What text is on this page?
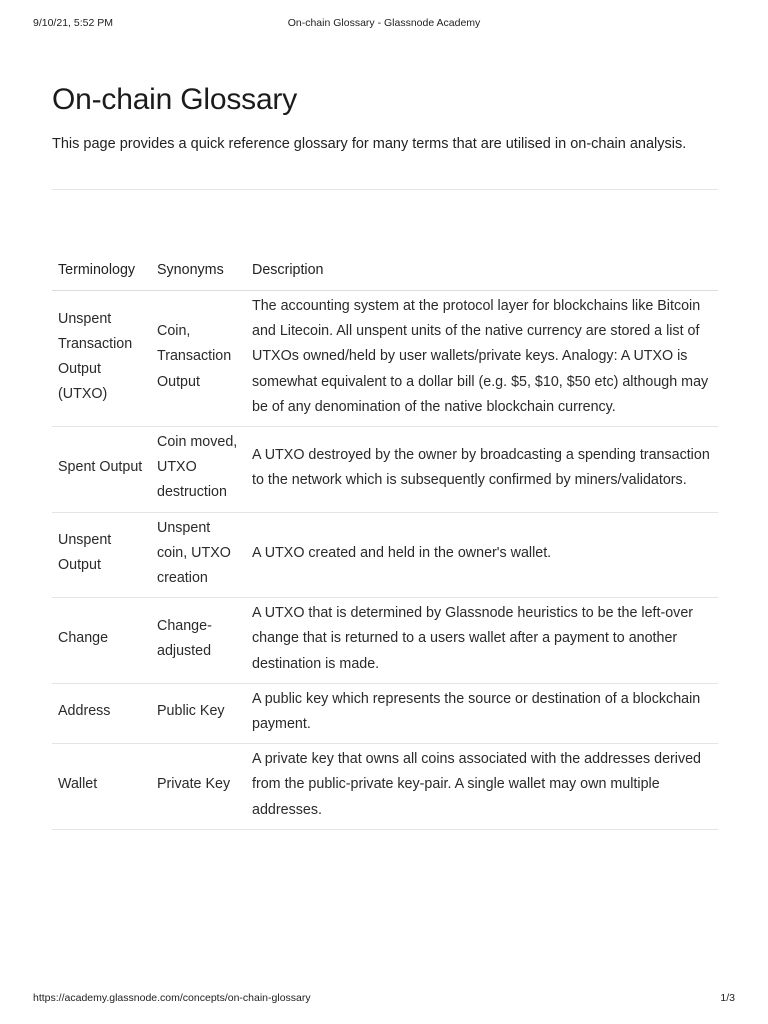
9/10/21, 5:52 PM	On-chain Glossary - Glassnode Academy
On-chain Glossary

This page provides a quick reference glossary for many terms that are utilised in on-chain analysis.

Terminology	Synonyms	Description
Unspent Transaction Output (UTXO)	Coin, Transaction Output	The accounting system at the protocol layer for blockchains like Bitcoin and Litecoin. All unspent units of the native currency are stored a list of UTXOs owned/held by user wallets/private keys. Analogy: A UTXO is somewhat equivalent to a dollar bill (e.g. $5, $10, $50 etc) although may be of any denomination of the native blockchain currency.
Spent Output	Coin moved, UTXO destruction	A UTXO destroyed by the owner by broadcasting a spending transaction to the network which is subsequently confirmed by miners/validators.
Unspent Output	Unspent coin, UTXO creation	A UTXO created and held in the owner's wallet.
Change	Change-adjusted	A UTXO that is determined by Glassnode heuristics to be the left-over change that is returned to a users wallet after a payment to another destination is made.
Address	Public Key	A public key which represents the source or destination of a blockchain payment.
Wallet	Private Key	A private key that owns all coins associated with the addresses derived from the public-private key-pair. A single wallet may own multiple addresses.
https://academy.glassnode.com/concepts/on-chain-glossary	1/3
